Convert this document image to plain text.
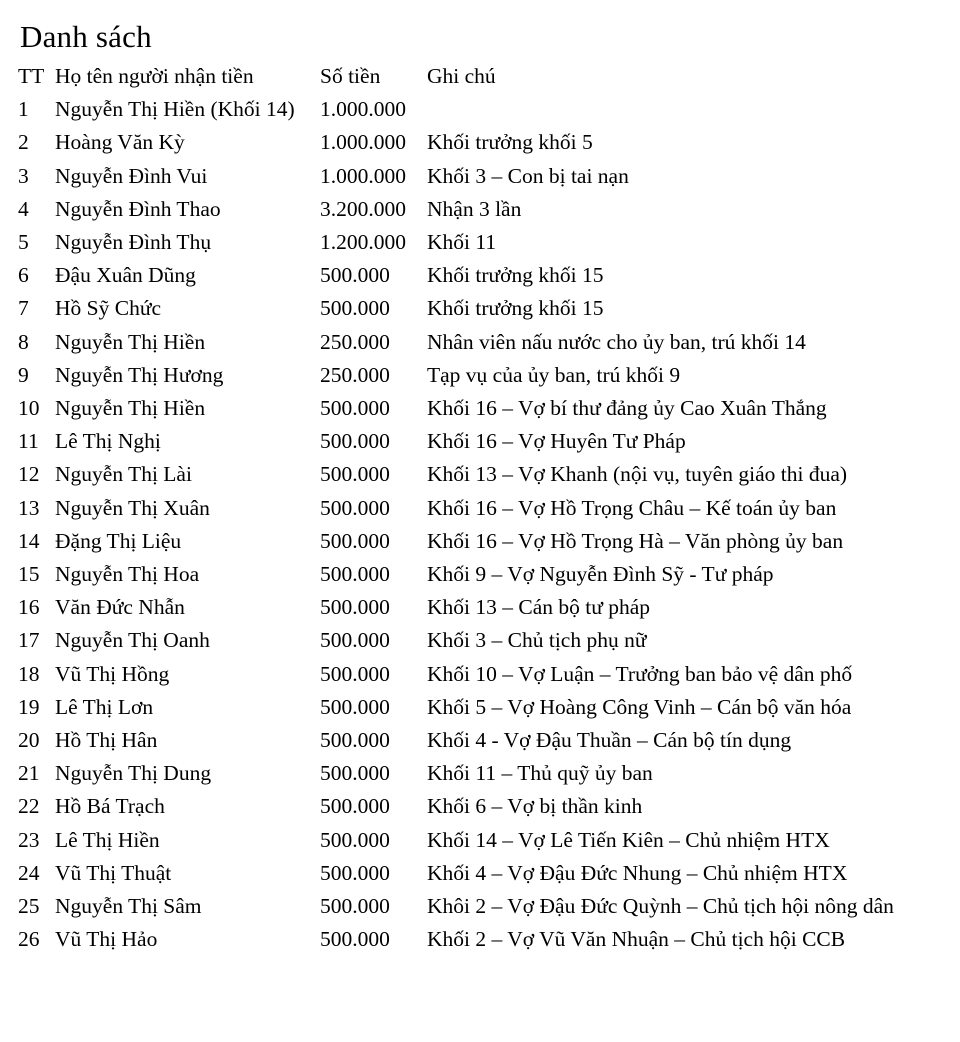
Danh sách
TT	Họ tên người nhận tiền	Số tiền	Ghi chú
1	Nguyễn Thị Hiền (Khối 14)	1.000.000	
2	Hoàng Văn Kỳ	1.000.000	Khối trưởng khối 5
3	Nguyễn Đình Vui	1.000.000	Khối 3 – Con bị tai nạn
4	Nguyễn Đình Thao	3.200.000	Nhận 3 lần
5	Nguyễn Đình Thụ	1.200.000	Khối 11
6	Đậu Xuân Dũng	500.000	Khối trưởng khối 15
7	Hồ Sỹ Chức	500.000	Khối trưởng khối 15
8	Nguyễn Thị Hiền	250.000	Nhân viên nấu nước cho ủy ban, trú khối 14
9	Nguyễn Thị Hương	250.000	Tạp vụ của ủy ban, trú khối 9
10	Nguyễn Thị Hiền	500.000	Khối 16 – Vợ bí thư đảng ủy Cao Xuân Thắng
11	Lê Thị Nghị	500.000	Khối 16 – Vợ Huyên Tư Pháp
12	Nguyễn Thị Lài	500.000	Khối 13 – Vợ Khanh (nội vụ, tuyên giáo thi đua)
13	Nguyễn Thị Xuân	500.000	Khối 16 – Vợ Hồ Trọng Châu – Kế toán ủy ban
14	Đặng Thị Liệu	500.000	Khối 16 – Vợ Hồ Trọng Hà – Văn phòng ủy ban
15	Nguyễn Thị Hoa	500.000	Khối 9 – Vợ Nguyễn Đình Sỹ - Tư pháp
16	Văn Đức Nhẫn	500.000	Khối 13 – Cán bộ tư pháp
17	Nguyễn Thị Oanh	500.000	Khối 3 – Chủ tịch phụ nữ
18	Vũ Thị Hồng	500.000	Khối 10 – Vợ Luận – Trưởng ban bảo vệ dân phố
19	Lê Thị Lơn	500.000	Khối 5 – Vợ Hoàng Công Vinh – Cán bộ văn hóa
20	Hồ Thị Hân	500.000	Khối 4 - Vợ Đậu Thuần – Cán bộ tín dụng
21	Nguyễn Thị Dung	500.000	Khối 11 – Thủ quỹ ủy ban
22	Hồ Bá Trạch	500.000	Khối 6 – Vợ bị thần kinh
23	Lê Thị Hiền	500.000	Khối 14 – Vợ Lê Tiến Kiên – Chủ nhiệm HTX
24	Vũ Thị Thuật	500.000	Khối 4 – Vợ Đậu Đức Nhung – Chủ nhiệm HTX
25	Nguyễn Thị Sâm	500.000	Khôi 2 – Vợ Đậu Đức Quỳnh – Chủ tịch hội nông dân
26	Vũ Thị Hảo	500.000	Khối 2 – Vợ Vũ Văn Nhuận – Chủ tịch hội CCB
